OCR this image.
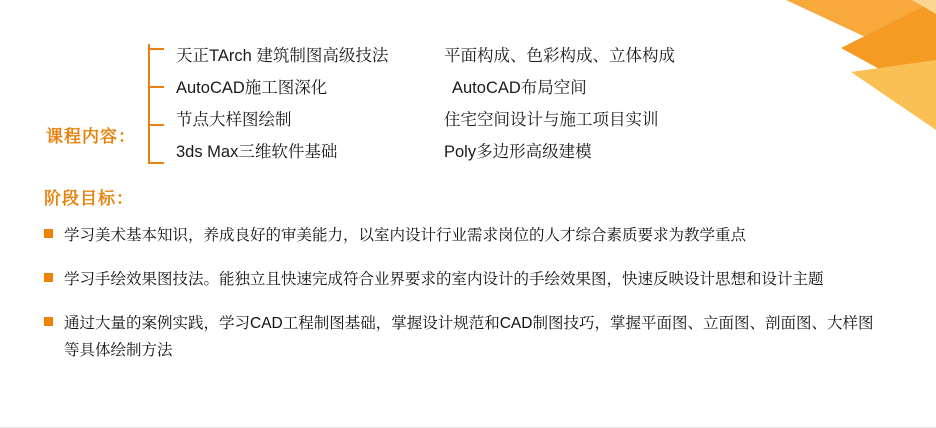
课程内容：
天正TArch 建筑制图高级技法	平面构成、色彩构成、立体构成
AutoCAD施工图深化	AutoCAD布局空间
节点大样图绘制	住宅空间设计与施工项目实训
3ds Max三维软件基础	Poly多边形高级建模
阶段目标：
学习美术基本知识，养成良好的审美能力，以室内设计行业需求岗位的人才综合素质要求为教学重点
学习手绘效果图技法。能独立且快速完成符合业界要求的室内设计的手绘效果图，快速反映设计思想和设计主题
通过大量的案例实践，学习CAD工程制图基础，掌握设计规范和CAD制图技巧，掌握平面图、立面图、剖面图、大样图等具体绘制方法
